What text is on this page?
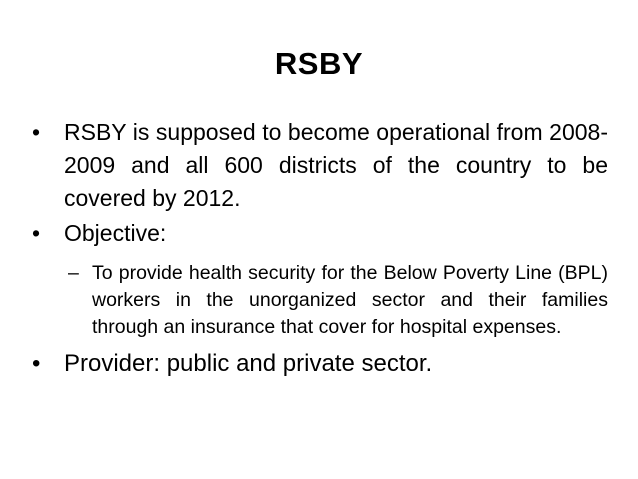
RSBY
•	RSBY is supposed to become operational from 2008-2009 and all 600 districts of the country to be covered by 2012.
•	Objective:
– To provide health security for the Below Poverty Line (BPL) workers in the unorganized sector and their families through an insurance that cover for hospital expenses.
• Provider: public and private sector.
